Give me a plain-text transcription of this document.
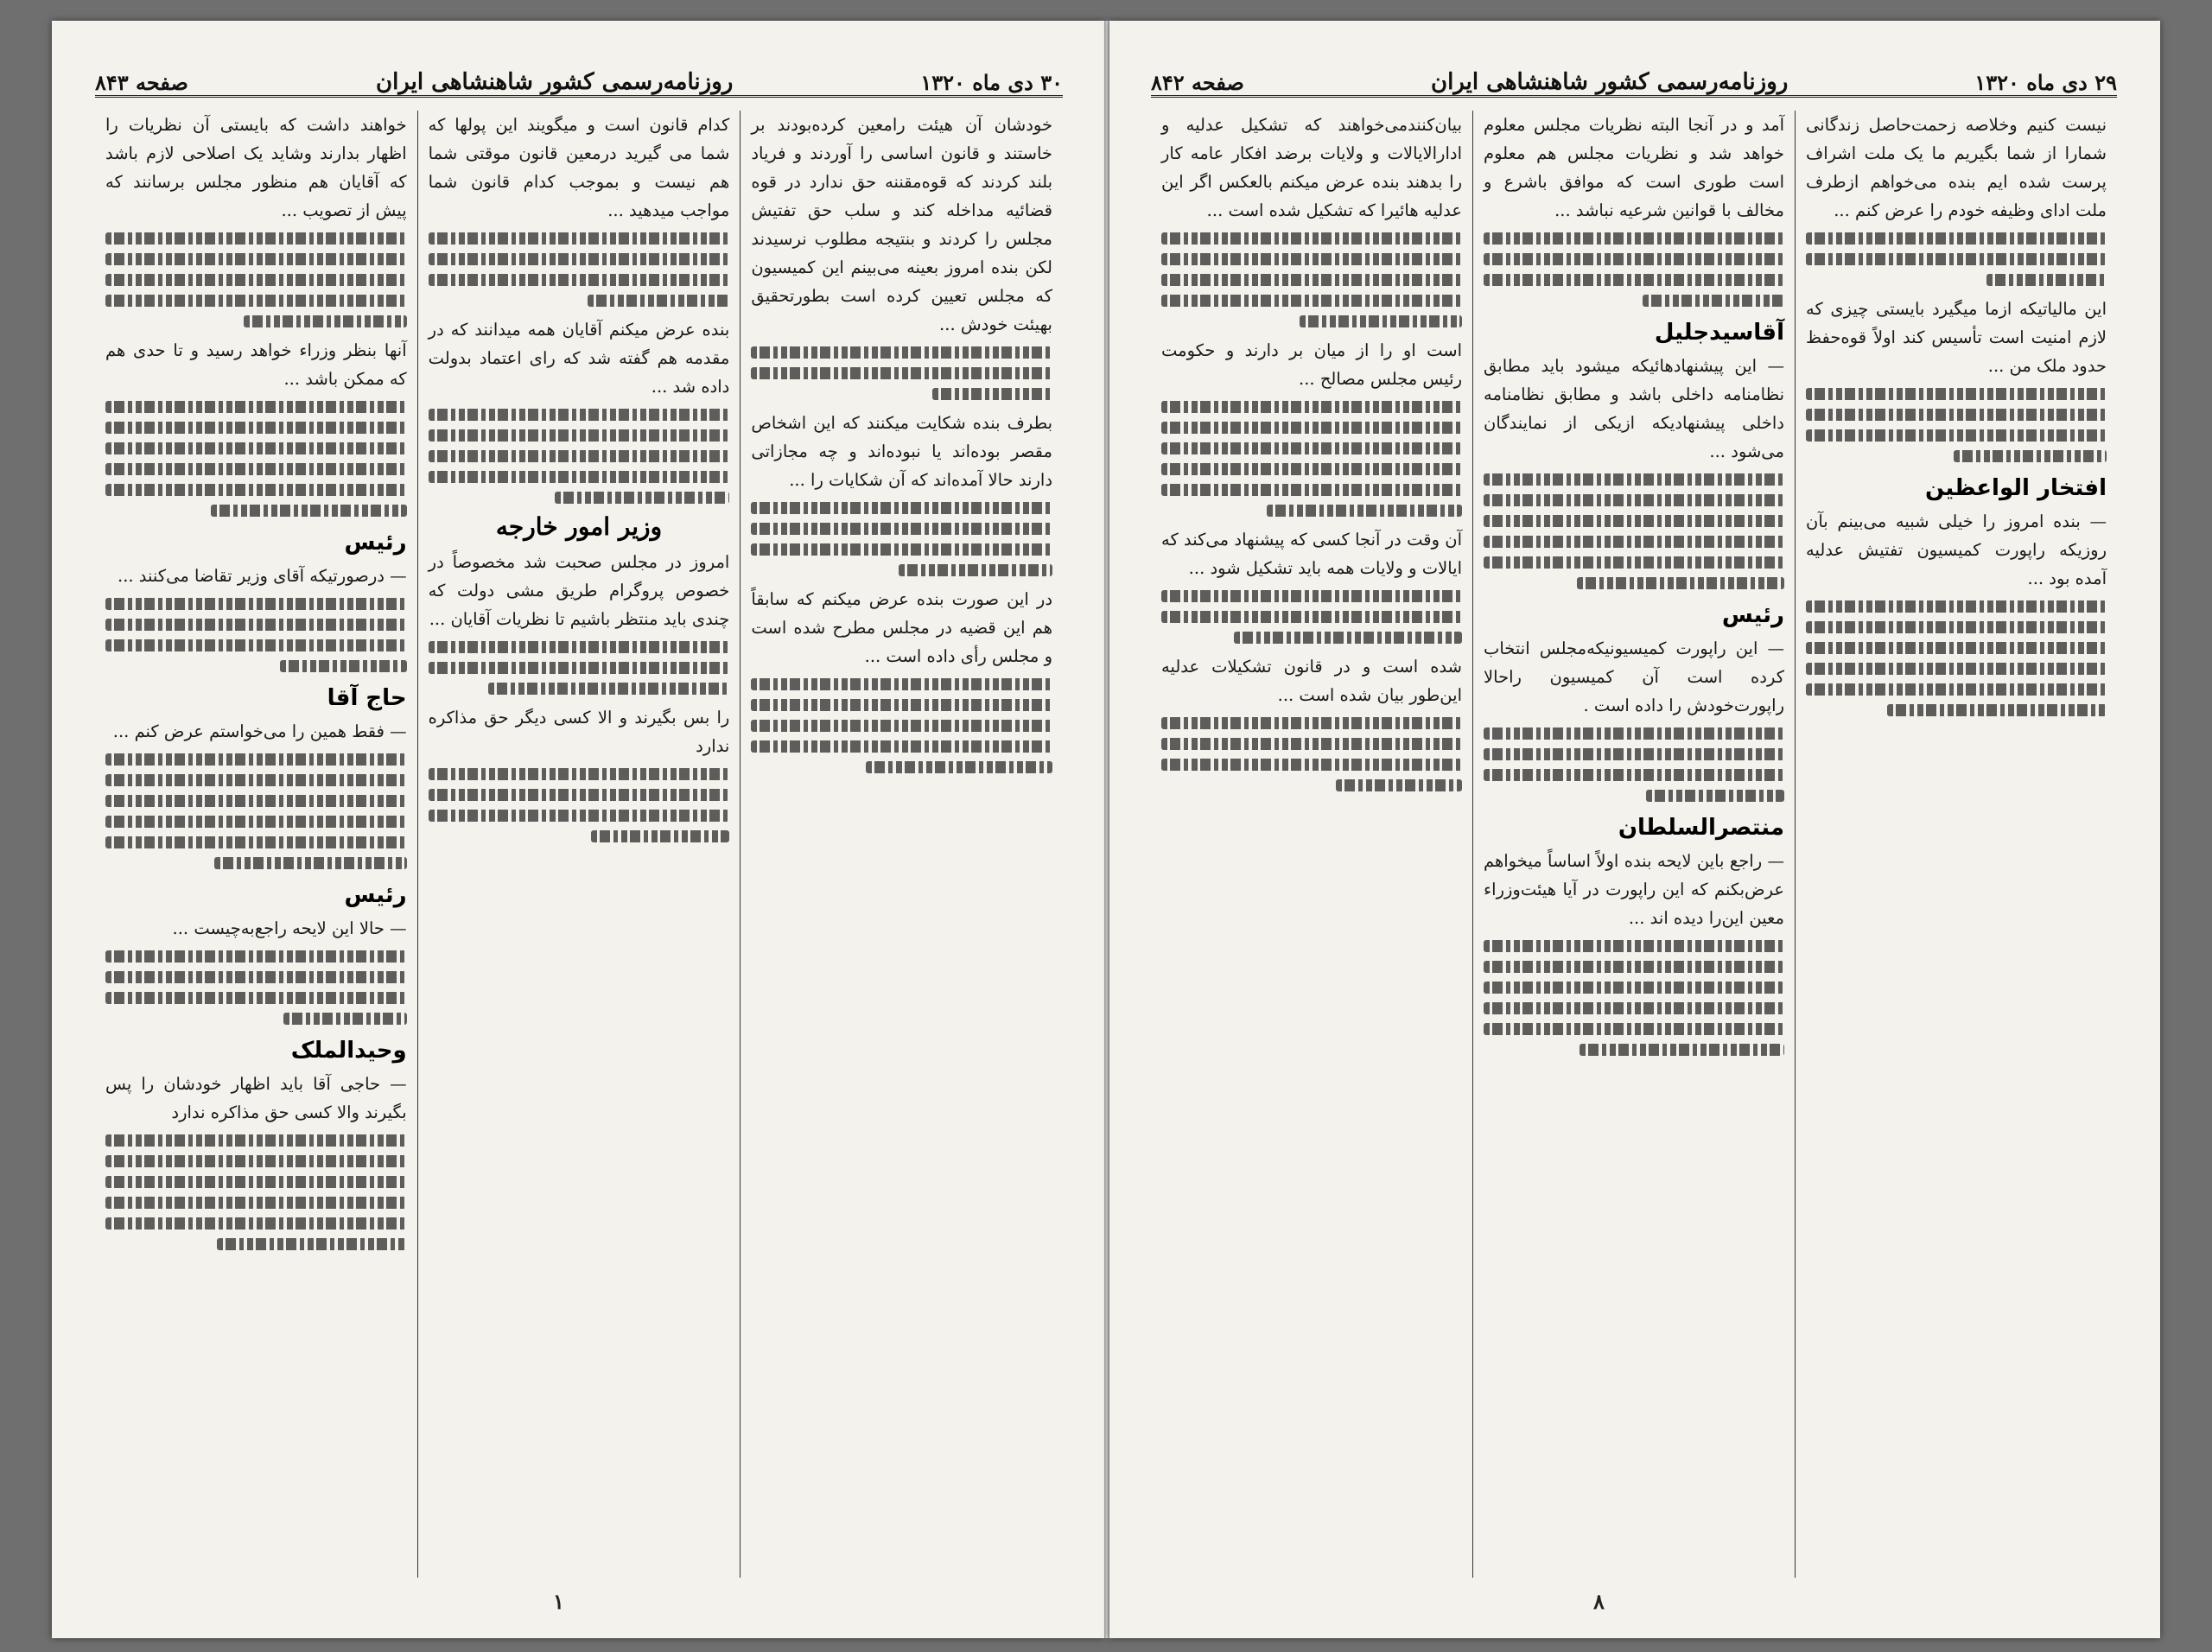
۳۰ دی ماه ۱۳۲۰
روزنامه‌رسمی کشور شاهنشاهی ایران
صفحه ۸۴۳

خودشان آن هیئت رامعین کرده‌بودند بر خاستند و قانون اساسی را آوردند و فریاد بلند کردند که قوه‌مقننه حق ندارد در قوه قضائیه مداخله کند و سلب حق تفتیش مجلس را کردند و بنتیجه مطلوب نرسیدند لکن بنده امروز بعینه می‌بینم این کمیسیون که مجلس تعیین کرده است بطورتحقیق بهیئت خودش ...

بطرف بنده شکایت میکنند که این اشخاص مقصر بوده‌اند یا نبوده‌اند و چه مجازاتی دارند حالا آمده‌اند که آن شکایات را ...

در این صورت بنده عرض میکنم که سابقاً هم این قضیه در مجلس مطرح شده است و مجلس رأی داده است ...

کدام قانون است و میگویند این پولها که شما می گیرید درمعین قانون موقتی شما هم نیست و بموجب کدام قانون شما مواجب میدهید ...

بنده عرض میکنم آقایان همه میدانند که در مقدمه هم گفته شد که رای اعتماد بدولت داده شد ...

وزیر امور خارجه

امروز در مجلس صحبت شد مخصوصاً در خصوص پروگرام طریق مشی دولت که چندی باید منتظر باشیم تا نظریات آقایان ...

را بس بگیرند و الا کسی دیگر حق مذاکره ندارد

خواهند داشت که بایستی آن نظریات را اظهار بدارند وشاید یک اصلاحی لازم باشد که آقایان هم منظور مجلس برسانند که پیش از تصویب ...

آنها بنظر وزراء خواهد رسید و تا حدی هم که ممکن باشد ...

رئیس

— درصورتیکه آقای وزیر تقاضا می‌کنند ...

حاج آقا

— فقط همین را می‌خواستم عرض کنم ...

رئیس

— حالا این لایحه راجع‌به‌چیست ...

وحیدالملک

— حاجی آقا باید اظهار خودشان را پس بگیرند والا کسی حق مذاکره ندارد

۱
۲۹ دی ماه ۱۳۲۰
روزنامه‌رسمی کشور شاهنشاهی ایران
صفحه ۸۴۲

نیست کنیم وخلاصه زحمت‌حاصل زندگانی شمارا از شما بگیریم ما یک ملت اشراف پرست شده ایم بنده می‌خواهم ازطرف ملت ادای وظیفه خودم را عرض کنم ...

این مالیاتیکه ازما میگیرد بایستی چیزی که لازم امنیت است تأسیس کند اولاً قوه‌حفظ حدود ملک من ...

افتخار الواعظین

— بنده امروز را خیلی شبیه می‌بینم بآن روزیکه راپورت کمیسیون تفتیش عدلیه آمده بود ...

آمد و در آنجا البته نظریات مجلس معلوم خواهد شد و نظریات مجلس هم معلوم است طوری است که موافق باشرع و مخالف با قوانین شرعیه نباشد ...

آقاسیدجلیل

— این پیشنهادهائیکه میشود باید مطابق نظامنامه داخلی باشد و مطابق نظامنامه داخلی پیشنهادیکه ازیکی از نمایندگان می‌شود ...

رئیس

— این راپورت کمیسیونیکه‌مجلس انتخاب کرده است آن کمیسیون راحالا راپورت‌خودش را داده است .

منتصرالسلطان

— راجع باین لایحه بنده اولاً اساساً میخواهم عرض‌بکنم که این راپورت در آیا هیئت‌وزراء معین این‌را دیده اند ...

بیان‌کنندمی‌خواهند که تشکیل عدلیه و ادارالایالات و ولایات برضد افکار عامه کار را بدهند بنده عرض میکنم بالعکس اگر این عدلیه هائیرا که تشکیل شده است ...

است او را از میان بر دارند و حکومت رئیس مجلس مصالح ...

آن وقت در آنجا کسی که پیشنهاد می‌کند که ایالات و ولایات همه باید تشکیل شود ...

شده است و در قانون تشکیلات عدلیه این‌طور بیان شده است ...

۸
